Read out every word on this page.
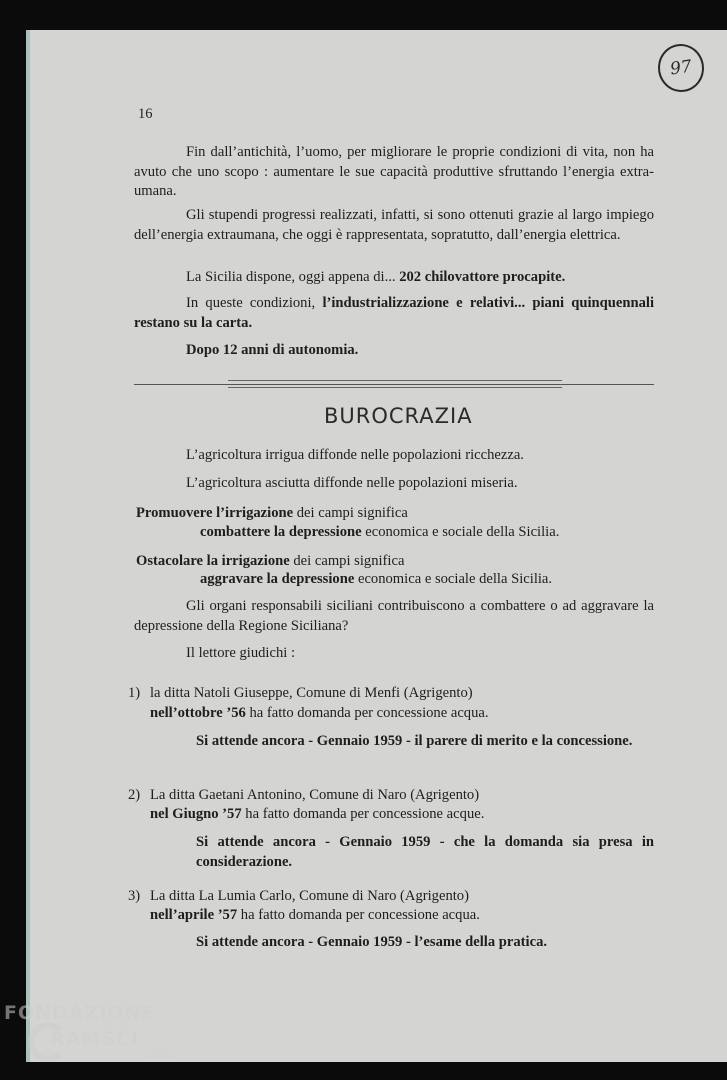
16
97

Fin dall’antichità, l’uomo, per migliorare le proprie condizioni di vita, non ha avuto che uno scopo : aumentare le sue capacità produttive sfruttando l’energia extra-umana.

Gli stupendi progressi realizzati, infatti, si sono ottenuti grazie al largo impiego dell’energia extraumana, che oggi è rappresentata, sopratutto, dall’energia elettrica.

La Sicilia dispone, oggi appena di... 202 chilovattore procapite.

In queste condizioni, l’industrializzazione e relativi... piani quinquennali restano su la carta.

Dopo 12 anni di autonomia.
BUROCRAZIA
L’agricoltura irrigua diffonde nelle popolazioni ricchezza.
L’agricoltura asciutta diffonde nelle popolazioni miseria.
Promuovere l’irrigazione dei campi significa
combattere la depressione economica e sociale della Sicilia.
Ostacolare la irrigazione dei campi significa
aggravare la depressione economica e sociale della Sicilia.

Gli organi responsabili siciliani contribuiscono a combattere o ad aggravare la depressione della Regione Siciliana?

Il lettore giudichi :
1) la ditta Natoli Giuseppe, Comune di Menfi (Agrigento)
nell’ottobre ’56 ha fatto domanda per concessione acqua.
Si attende ancora - Gennaio 1959 - il parere di merito e la concessione.
2) La ditta Gaetani Antonino, Comune di Naro (Agrigento)
nel Giugno ’57 ha fatto domanda per concessione acque.
Si attende ancora - Gennaio 1959 - che la domanda sia presa in considerazione.
3) La ditta La Lumia Carlo, Comune di Naro (Agrigento)
nell’aprile ’57 ha fatto domanda per concessione acqua.
Si attende ancora - Gennaio 1959 - l’esame della pratica.
FONDAZIONE
RAMSCI
onlus
